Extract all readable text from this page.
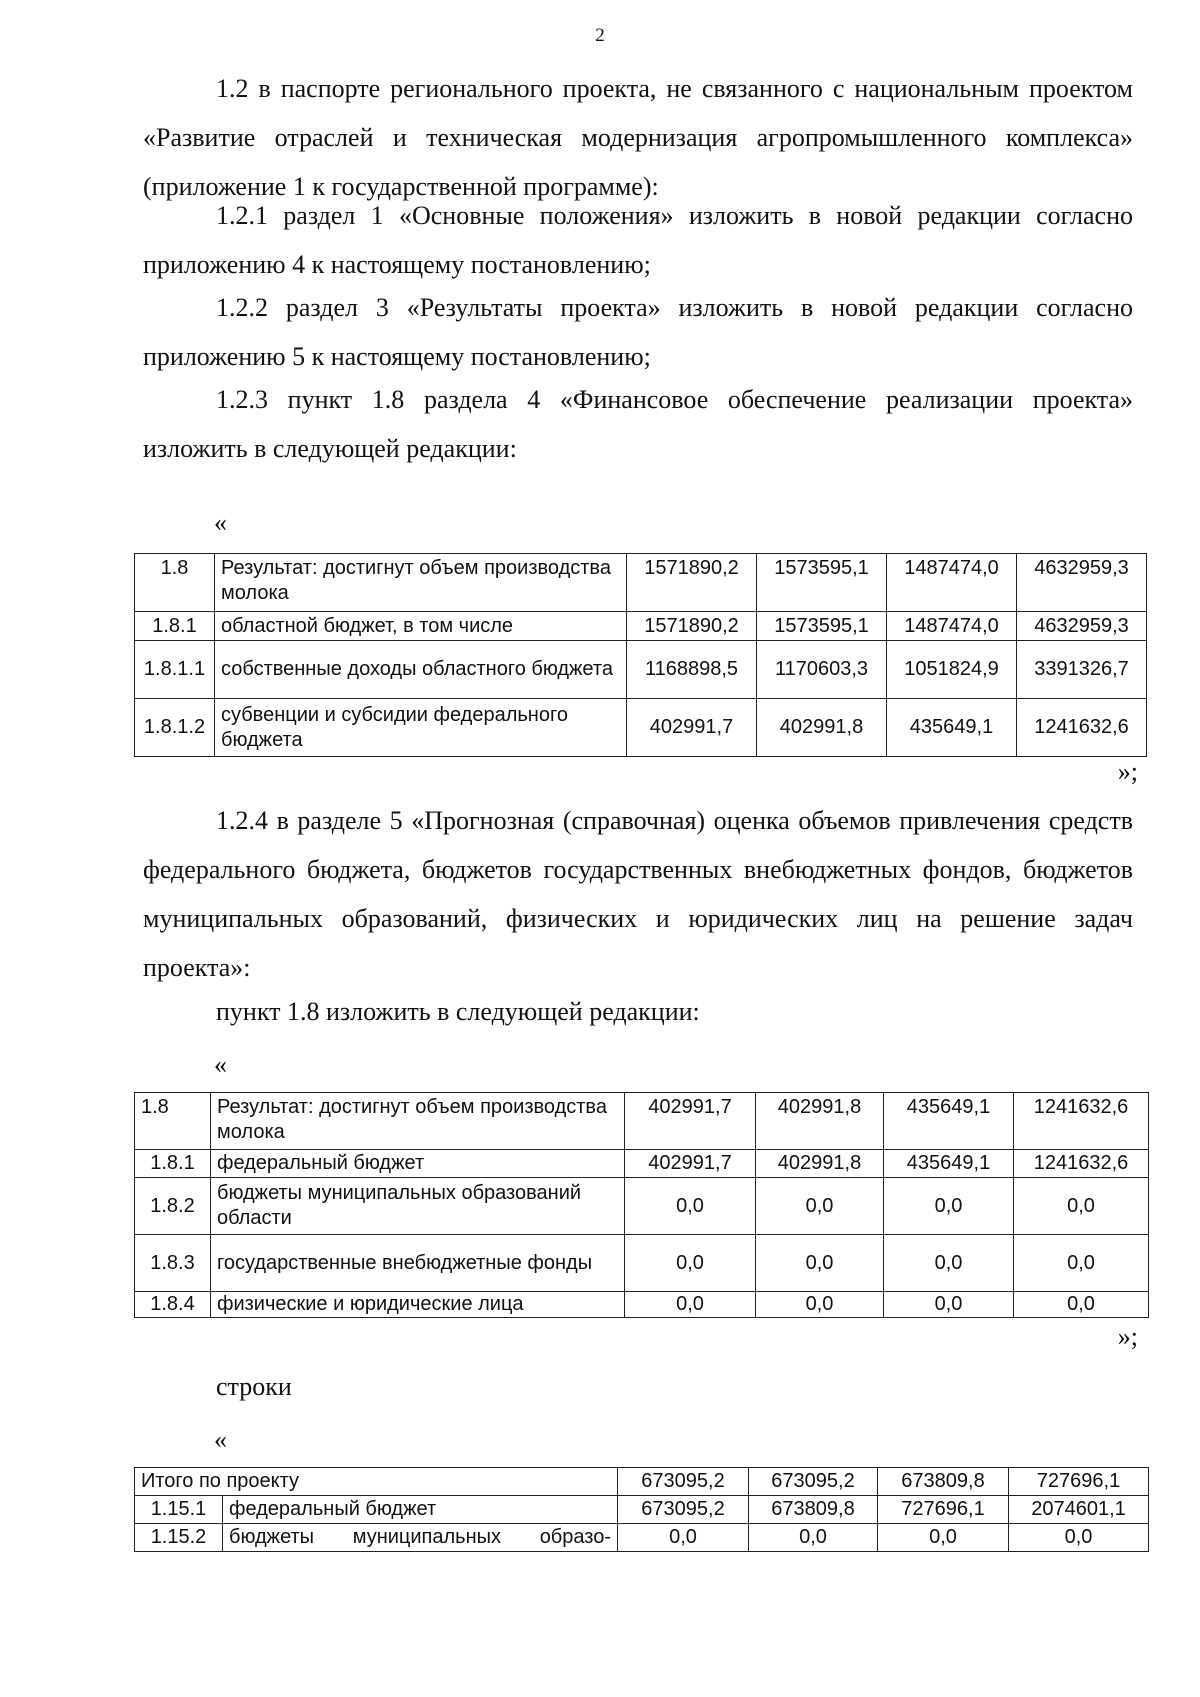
2

1.2 в паспорте регионального проекта, не связанного с национальным проектом «Развитие отраслей и техническая модернизация агропромышленного комплекса» (приложение 1 к государственной программе):

1.2.1 раздел 1 «Основные положения» изложить в новой редакции согласно приложению 4 к настоящему постановлению;

1.2.2 раздел 3 «Результаты проекта» изложить в новой редакции согласно приложению 5 к настоящему постановлению;

1.2.3 пункт 1.8 раздела 4 «Финансовое обеспечение реализации проекта» изложить в следующей редакции:

«
1.8	Результат: достигнут объем производства молока	1571890,2	1573595,1	1487474,0	4632959,3
1.8.1	областной бюджет, в том числе	1571890,2	1573595,1	1487474,0	4632959,3
1.8.1.1	собственные доходы областного бюджета	1168898,5	1170603,3	1051824,9	3391326,7
1.8.1.2	субвенции и субсидии федерального бюджета	402991,7	402991,8	435649,1	1241632,6
»;

1.2.4 в разделе 5 «Прогнозная (справочная) оценка объемов привлечения средств федерального бюджета, бюджетов государственных внебюджетных фондов, бюджетов муниципальных образований, физических и юридических лиц на решение задач проекта»:

пункт 1.8 изложить в следующей редакции:

«
1.8	Результат: достигнут объем производства молока	402991,7	402991,8	435649,1	1241632,6
1.8.1	федеральный бюджет	402991,7	402991,8	435649,1	1241632,6
1.8.2	бюджеты муниципальных образований области	0,0	0,0	0,0	0,0
1.8.3	государственные внебюджетные фонды	0,0	0,0	0,0	0,0
1.8.4	физические и юридические лица	0,0	0,0	0,0	0,0
»;

строки

«
Итого по проекту		673095,2	673095,2	673809,8	727696,1
1.15.1	федеральный бюджет	673095,2	673809,8	727696,1	2074601,1
1.15.2	бюджеты муниципальных образо-	0,0	0,0	0,0	0,0
